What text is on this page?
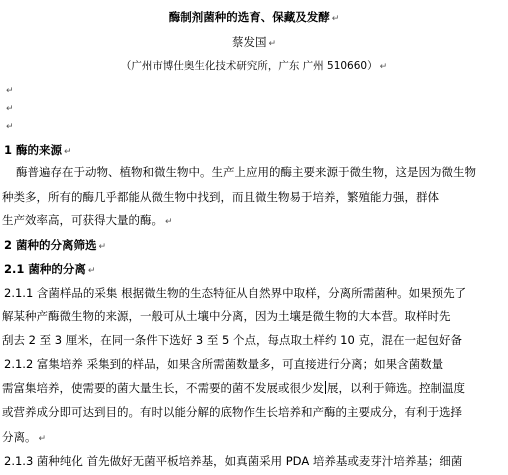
酶制剂菌种的选育、保藏及发酵 ↵
蔡发国 ↵
（广州市博仕奥生化技术研究所，广东 广州 510660） ↵
↵
↵
↵
1 酶的来源 ↵
酶普遍存在于动物、植物和微生物中。生产上应用的酶主要来源于微生物，这是因为微生物
种类多，所有的酶几乎都能从微生物中找到，而且微生物易于培养，繁殖能力强，群体
生产效率高，可获得大量的酶。 ↵
2 菌种的分离筛选 ↵
2.1 菌种的分离 ↵
2.1.1 含菌样品的采集 根据微生物的生态特征从自然界中取样，分离所需菌种。如果预先了
解某种产酶微生物的来源，一般可从土壤中分离，因为土壤是微生物的大本营。取样时先
刮去 2 至 3 厘米，在同一条件下选好 3 至 5 个点，每点取土样约 10 克，混在一起包好备
2.1.2 富集培养 采集到的样品，如果含所需菌数量多，可直接进行分离；如果含菌数量
需富集培养，使需要的菌大量生长，不需要的菌不发展或很少发 展，以利于筛选。控制温度
或营养成分即可达到目的。有时以能分解的底物作生长培养和产酶的主要成分，有利于选择
分离。 ↵
2.1.3 菌种纯化 首先做好无菌平板培养基，如真菌采用 PDA 培养基或麦芽汁培养基；细菌
